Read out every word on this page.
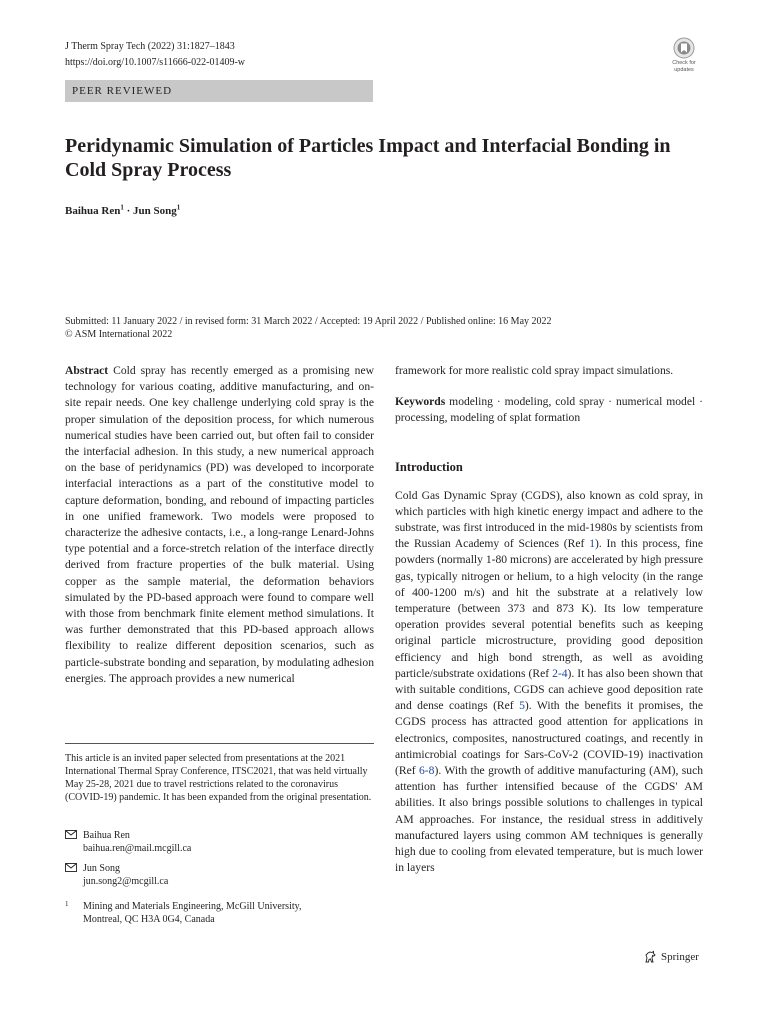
J Therm Spray Tech (2022) 31:1827–1843
https://doi.org/10.1007/s11666-022-01409-w	Check for
updates
PEER REVIEWED
Peridynamic Simulation of Particles Impact and Interfacial Bonding in Cold Spray Process
Baihua Ren$^1$ · Jun Song$^1$
Submitted: 11 January 2022 / in revised form: 31 March 2022 / Accepted: 19 April 2022 / Published online: 16 May 2022
© ASM International 2022
Abstract Cold spray has recently emerged as a promising new technology for various coating, additive manufacturing, and on-site repair needs. One key challenge underlying cold spray is the proper simulation of the deposition process, for which numerous numerical studies have been carried out, but often fail to consider the interfacial adhesion. In this study, a new numerical approach on the base of peridynamics (PD) was developed to incorporate interfacial interactions as a part of the constitutive model to capture deformation, bonding, and rebound of impacting particles in one unified framework. Two models were proposed to characterize the adhesive contacts, i.e., a long-range Lenard-Johns type potential and a force-stretch relation of the interface directly derived from fracture properties of the bulk material. Using copper as the sample material, the deformation behaviors simulated by the PD-based approach were found to compare well with those from benchmark finite element method simulations. It was further demonstrated that this PD-based approach allows flexibility to realize different deposition scenarios, such as particle-substrate bonding and separation, by modulating adhesion energies. The approach provides a new numerical
This article is an invited paper selected from presentations at the 2021 International Thermal Spray Conference, ITSC2021, that was held virtually May 25-28, 2021 due to travel restrictions related to the coronavirus (COVID-19) pandemic. It has been expanded from the original presentation.
Baihua Ren
baihua.ren@mail.mcgill.ca
Jun Song
jun.song2@mcgill.ca
1 Mining and Materials Engineering, McGill University,
Montreal, QC H3A 0G4, Canada
framework for more realistic cold spray impact simulations.
Keywords modeling · modeling, cold spray · numerical model · processing, modeling of splat formation
Introduction
Cold Gas Dynamic Spray (CGDS), also known as cold spray, in which particles with high kinetic energy impact and adhere to the substrate, was first introduced in the mid-1980s by scientists from the Russian Academy of Sciences (Ref 1). In this process, fine powders (normally 1-80 microns) are accelerated by high pressure gas, typically nitrogen or helium, to a high velocity (in the range of 400-1200 m/s) and hit the substrate at a relatively low temperature (between 373 and 873 K). Its low temperature operation provides several potential benefits such as keeping original particle microstructure, providing good deposition efficiency and high bond strength, as well as avoiding particle/substrate oxidations (Ref 2-4). It has also been shown that with suitable conditions, CGDS can achieve good deposition rate and dense coatings (Ref 5). With the benefits it promises, the CGDS process has attracted good attention for applications in electronics, composites, nanostructured coatings, and recently in antimicrobial coatings for Sars-CoV-2 (COVID-19) inactivation (Ref 6-8). With the growth of additive manufacturing (AM), such attention has further intensified because of the CGDS' AM abilities. It also brings possible solutions to challenges in typical AM approaches. For instance, the residual stress in additively manufactured layers using common AM techniques is generally high due to cooling from elevated temperature, but is much lower in layers
Springer
